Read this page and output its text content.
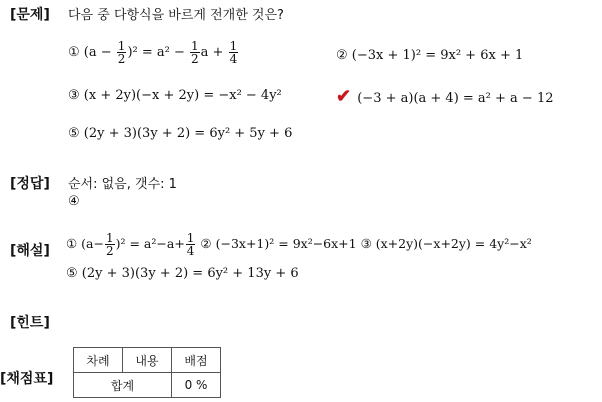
[문제] 다음 중 다항식을 바르게 전개한 것은?
① $(a - \frac{1}{2} )^2 = a^2 - \frac{1}{2}$ $a + \frac{1}{4}$	② (−3x + 1)² = 9x² + 6x + 1
③ (x + 2y)(−x + 2y) = −x² − 4y²	✔ (−3 + a)(a + 4) = a² + a − 12
⑤ (2y + 3)(3y + 2) = 6y² + 5y + 6
[정답] 순서: 없음, 갯수: 1
④
[해설] ① $(a- \frac{1}{2} )^2 = a^2-a+ \frac{1}{4}$ ② (−3x+1)² = 9x²−6x+1 ③ (x+2y)(−x+2y) = 4y²−x²
⑤ (2y + 3)(3y + 2) = 6y² + 13y + 6
[힌트]
[채점표]
차례	내용	배점
합계		0 %
